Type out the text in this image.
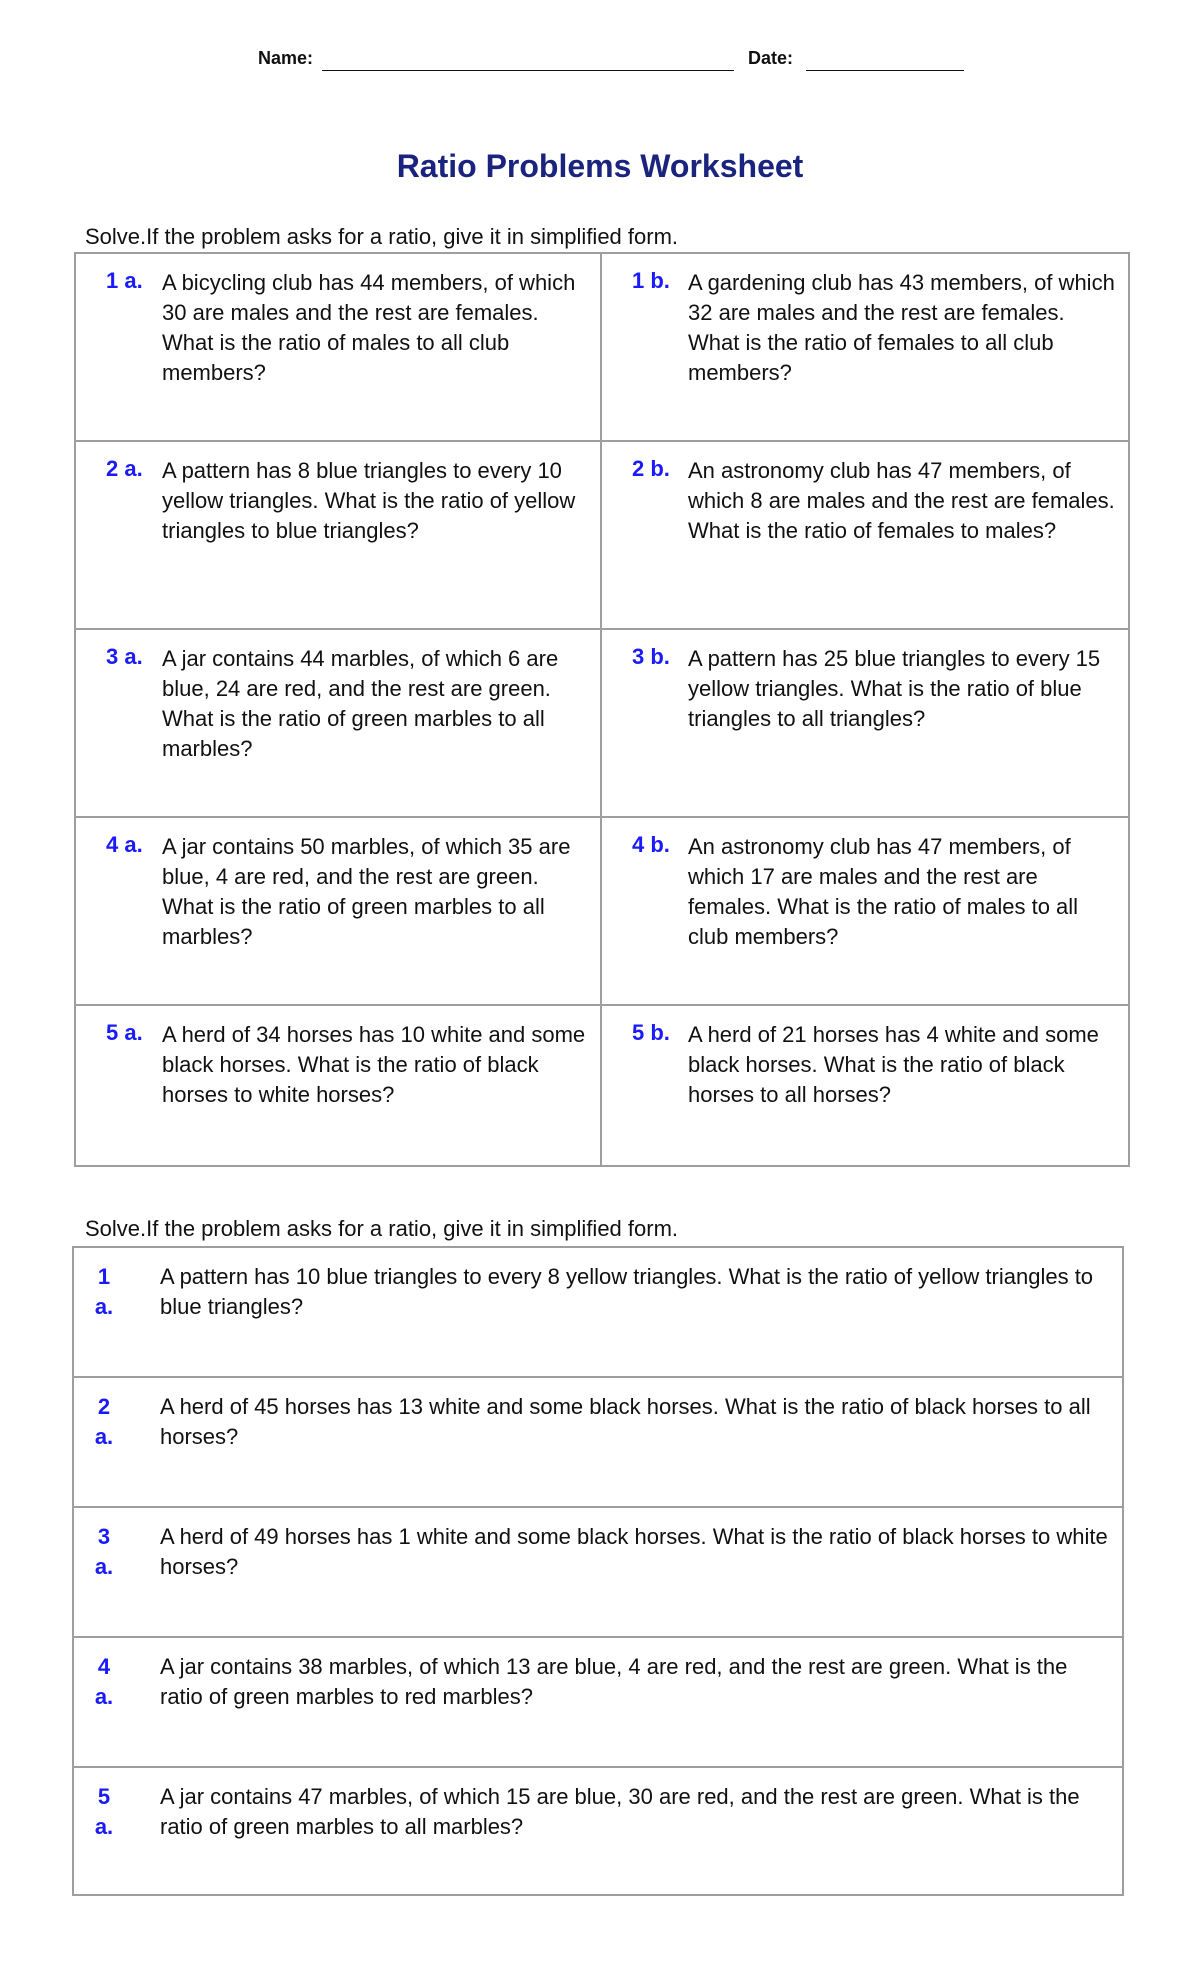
Name:	Date:
Ratio Problems Worksheet
Solve.If the problem asks for a ratio, give it in simplified form.
1 a. A bicycling club has 44 members, of which 30 are males and the rest are females. What is the ratio of males to all club members?
1 b. A gardening club has 43 members, of which 32 are males and the rest are females. What is the ratio of females to all club members?
2 a. A pattern has 8 blue triangles to every 10 yellow triangles. What is the ratio of yellow triangles to blue triangles?
2 b. An astronomy club has 47 members, of which 8 are males and the rest are females. What is the ratio of females to males?
3 a. A jar contains 44 marbles, of which 6 are blue, 24 are red, and the rest are green. What is the ratio of green marbles to all marbles?
3 b. A pattern has 25 blue triangles to every 15 yellow triangles. What is the ratio of blue triangles to all triangles?
4 a. A jar contains 50 marbles, of which 35 are blue, 4 are red, and the rest are green. What is the ratio of green marbles to all marbles?
4 b. An astronomy club has 47 members, of which 17 are males and the rest are females. What is the ratio of males to all club members?
5 a. A herd of 34 horses has 10 white and some black horses. What is the ratio of black horses to white horses?
5 b. A herd of 21 horses has 4 white and some black horses. What is the ratio of black horses to all horses?
Solve.If the problem asks for a ratio, give it in simplified form.
1
a.
A pattern has 10 blue triangles to every 8 yellow triangles. What is the ratio of yellow triangles to blue triangles?
2
a.
A herd of 45 horses has 13 white and some black horses. What is the ratio of black horses to all horses?
3
a.
A herd of 49 horses has 1 white and some black horses. What is the ratio of black horses to white horses?
4
a.
A jar contains 38 marbles, of which 13 are blue, 4 are red, and the rest are green. What is the ratio of green marbles to red marbles?
5
a.
A jar contains 47 marbles, of which 15 are blue, 30 are red, and the rest are green. What is the ratio of green marbles to all marbles?
